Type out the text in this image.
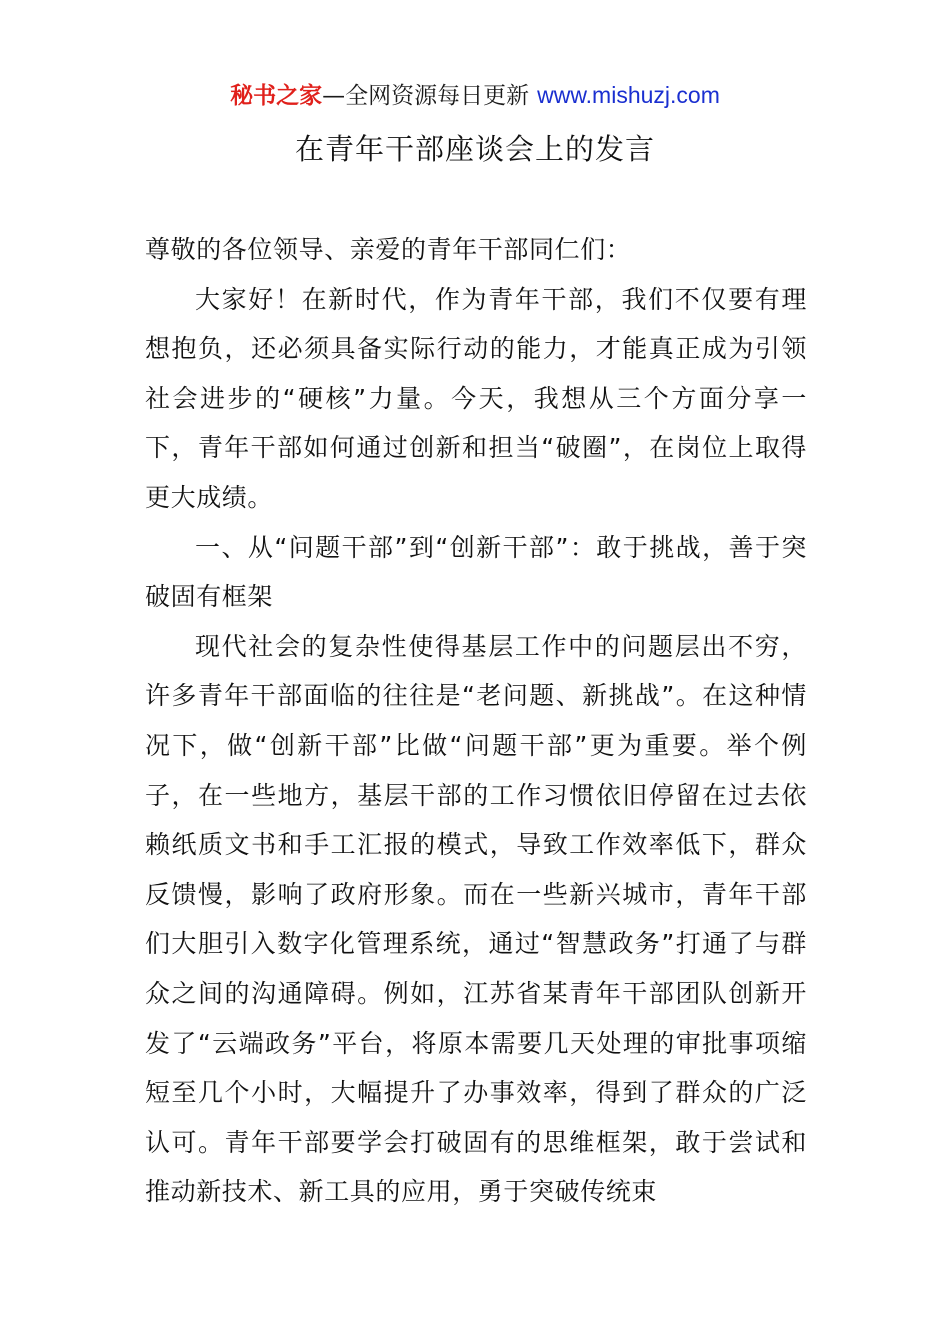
秘书之家—全网资源每日更新 www.mishuzj.com
在青年干部座谈会上的发言

尊敬的各位领导、亲爱的青年干部同仁们：

大家好！在新时代，作为青年干部，我们不仅要有理想抱负，还必须具备实际行动的能力，才能真正成为引领社会进步的“硬核”力量。今天，我想从三个方面分享一下，青年干部如何通过创新和担当“破圈”，在岗位上取得更大成绩。

一、从“问题干部”到“创新干部”：敢于挑战，善于突破固有框架

现代社会的复杂性使得基层工作中的问题层出不穷，许多青年干部面临的往往是“老问题、新挑战”。在这种情况下，做“创新干部”比做“问题干部”更为重要。举个例子，在一些地方，基层干部的工作习惯依旧停留在过去依赖纸质文书和手工汇报的模式，导致工作效率低下，群众反馈慢，影响了政府形象。而在一些新兴城市，青年干部们大胆引入数字化管理系统，通过“智慧政务”打通了与群众之间的沟通障碍。例如，江苏省某青年干部团队创新开发了“云端政务”平台，将原本需要几天处理的审批事项缩短至几个小时，大幅提升了办事效率，得到了群众的广泛认可。青年干部要学会打破固有的思维框架，敢于尝试和推动新技术、新工具的应用，勇于突破传统束
